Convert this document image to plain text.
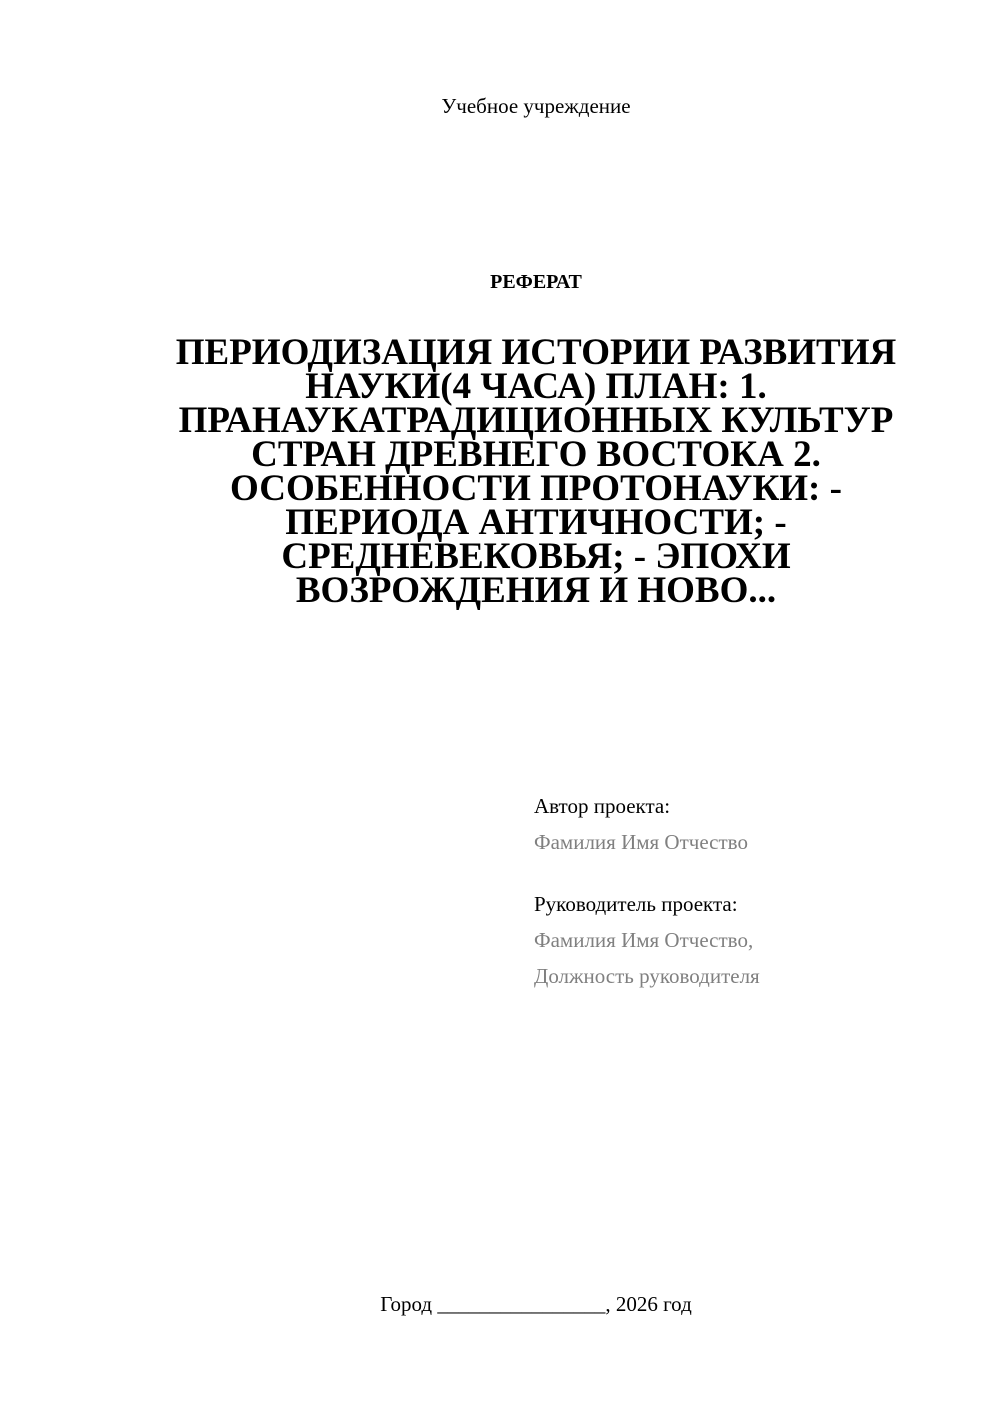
Учебное учреждение
РЕФЕРАТ
ПЕРИОДИЗАЦИЯ ИСТОРИИ РАЗВИТИЯ
НАУКИ(4 ЧАСА) ПЛАН: 1.
ПРАНАУКАТРАДИЦИОННЫХ КУЛЬТУР
СТРАН ДРЕВНЕГО ВОСТОКА 2.
ОСОБЕННОСТИ ПРОТОНАУКИ: -
ПЕРИОДА АНТИЧНОСТИ; -
СРЕДНЕВЕКОВЬЯ; - ЭПОХИ
ВОЗРОЖДЕНИЯ И НОВО...
Автор проекта:
Фамилия Имя Отчество
Руководитель проекта:
Фамилия Имя Отчество,
Должность руководителя
Город ________________, 2026 год
